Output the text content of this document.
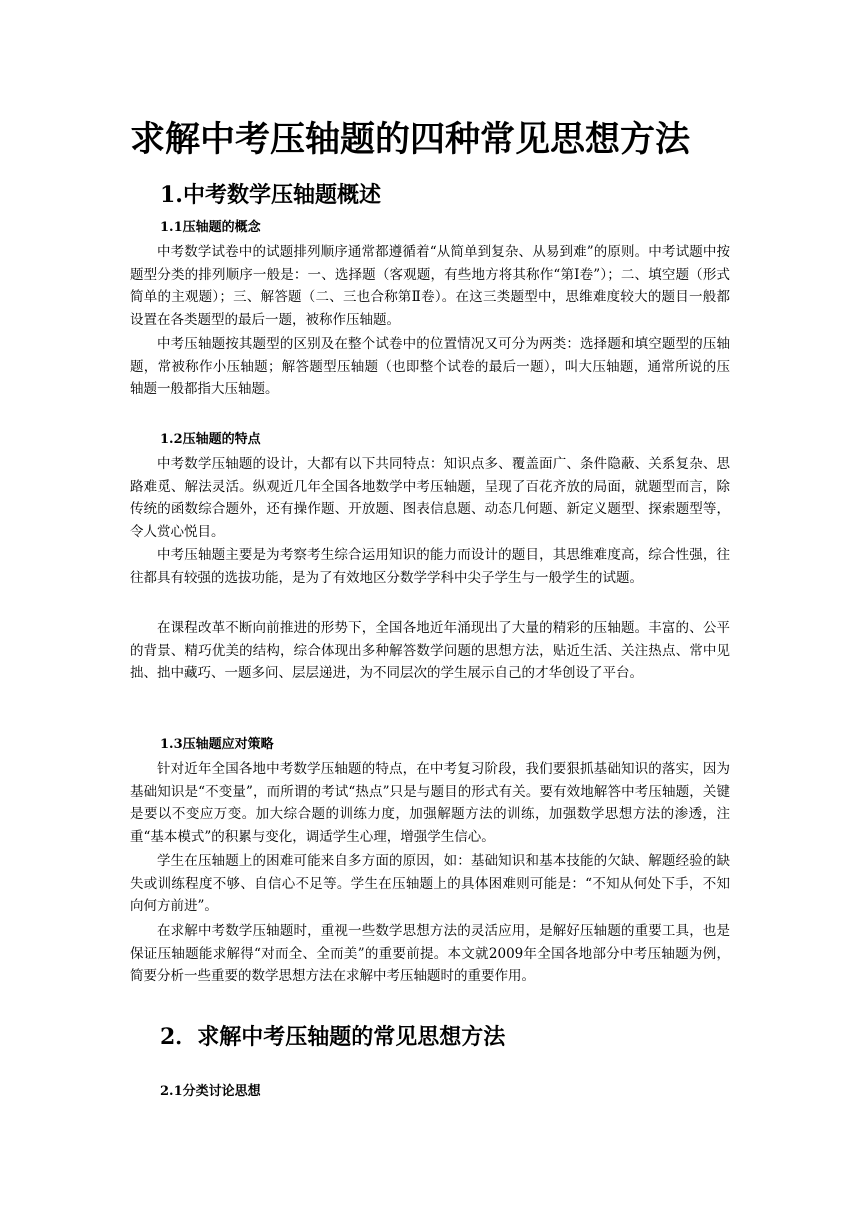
求解中考压轴题的四种常见思想方法
1.中考数学压轴题概述
1.1压轴题的概念

中考数学试卷中的试题排列顺序通常都遵循着“从简单到复杂、从易到难”的原则。中考试题中按题型分类的排列顺序一般是：一、选择题（客观题，有些地方将其称作“第Ⅰ卷”）；二、填空题（形式简单的主观题）；三、解答题（二、三也合称第Ⅱ卷）。在这三类题型中，思维难度较大的题目一般都设置在各类题型的最后一题，被称作压轴题。

中考压轴题按其题型的区别及在整个试卷中的位置情况又可分为两类：选择题和填空题型的压轴题，常被称作小压轴题；解答题型压轴题（也即整个试卷的最后一题），叫大压轴题，通常所说的压轴题一般都指大压轴题。

1.2压轴题的特点

中考数学压轴题的设计，大都有以下共同特点：知识点多、覆盖面广、条件隐蔽、关系复杂、思路难觅、解法灵活。纵观近几年全国各地数学中考压轴题，呈现了百花齐放的局面，就题型而言，除传统的函数综合题外，还有操作题、开放题、图表信息题、动态几何题、新定义题型、探索题型等，令人赏心悦目。

中考压轴题主要是为考察考生综合运用知识的能力而设计的题目，其思维难度高，综合性强，往往都具有较强的选拔功能，是为了有效地区分数学学科中尖子学生与一般学生的试题。

在课程改革不断向前推进的形势下，全国各地近年涌现出了大量的精彩的压轴题。丰富的、公平的背景、精巧优美的结构，综合体现出多种解答数学问题的思想方法，贴近生活、关注热点、常中见拙、拙中藏巧、一题多问、层层递进，为不同层次的学生展示自己的才华创设了平台。

1.3压轴题应对策略

针对近年全国各地中考数学压轴题的特点，在中考复习阶段，我们要狠抓基础知识的落实，因为基础知识是“不变量”，而所谓的考试“热点”只是与题目的形式有关。要有效地解答中考压轴题，关键是要以不变应万变。加大综合题的训练力度，加强解题方法的训练，加强数学思想方法的渗透，注重“基本模式”的积累与变化，调适学生心理，增强学生信心。

学生在压轴题上的困难可能来自多方面的原因，如：基础知识和基本技能的欠缺、解题经验的缺失或训练程度不够、自信心不足等。学生在压轴题上的具体困难则可能是：“不知从何处下手，不知向何方前进”。

在求解中考数学压轴题时，重视一些数学思想方法的灵活应用，是解好压轴题的重要工具，也是保证压轴题能求解得“对而全、全而美”的重要前提。本文就2009年全国各地部分中考压轴题为例，简要分析一些重要的数学思想方法在求解中考压轴题时的重要作用。

2．求解中考压轴题的常见思想方法
2.1分类讨论思想
